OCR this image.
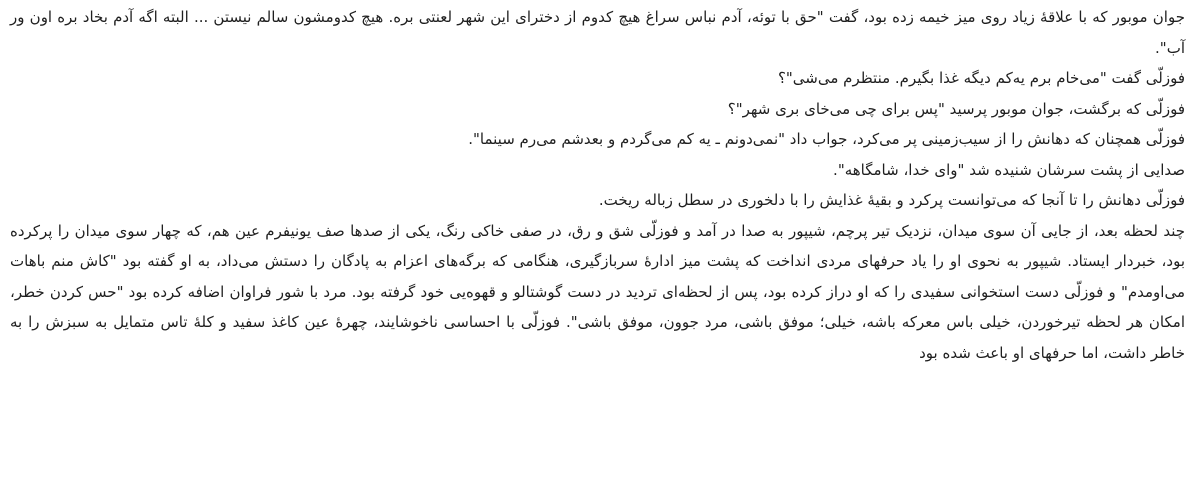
جوان موبور که با علاقهٔ زیاد روی میز خیمه زده بود، گفت "حق با توئه، آدم نباس سراغ هیچ کدوم از دخترای این شهر لعنتی بره. هیچ کدومشون سالم نیستن ... البته اگه آدم بخاد بره اون ور آب".

فوزلّی گفت "می‌خام برم یه‌کم دیگه غذا بگیرم. منتظرم می‌شی"؟

فوزلّی که برگشت، جوان موبور پرسید "پس برای چی می‌خای بری شهر"؟

فوزلّی همچنان که دهانش را از سیب‌زمینی پر می‌کرد، جواب داد "نمی‌دونم ـ یه کم می‌گردم و بعدشم می‌رم سینما".

صدایی از پشت سرشان شنیده شد "وای خدا، شامگاهه".

فوزلّی دهانش را تا آنجا که می‌توانست پرکرد و بقیهٔ غذایش را با دلخوری در سطل زباله ریخت.

چند لحظه بعد، از جایی آن سوی میدان، نزدیک تیر پرچم، شیپور به صدا در آمد و فوزلّی شق و رق، در صفی خاکی رنگ، یکی از صدها صف یونیفرم عین هم، که چهار سوی میدان را پرکرده بود، خبردار ایستاد. شیپور به نحوی او را یاد حرفهای مردی انداخت که پشت میز ادارهٔ سربازگیری، هنگامی که برگه‌های اعزام به پادگان را دستش می‌داد، به او گفته بود "کاش منم باهات می‌اومدم" و فوزلّی دست استخوانی سفیدی را که او دراز کرده بود، پس از لحظه‌ای تردید در دست گوشتالو و قهوه‌یی خود گرفته بود. مرد با شور فراوان اضافه کرده بود "حس کردن خطر، امکان هر لحظه تیرخوردن، خیلی باس معرکه باشه، خیلی؛ موفق باشی، مرد جوون، موفق باشی". فوزلّی با احساسی ناخوشایند، چهرهٔ عین کاغذ سفید و کلهٔ تاس متمایل به سبزش را به خاطر داشت، اما حرفهای او باعث شده بود
